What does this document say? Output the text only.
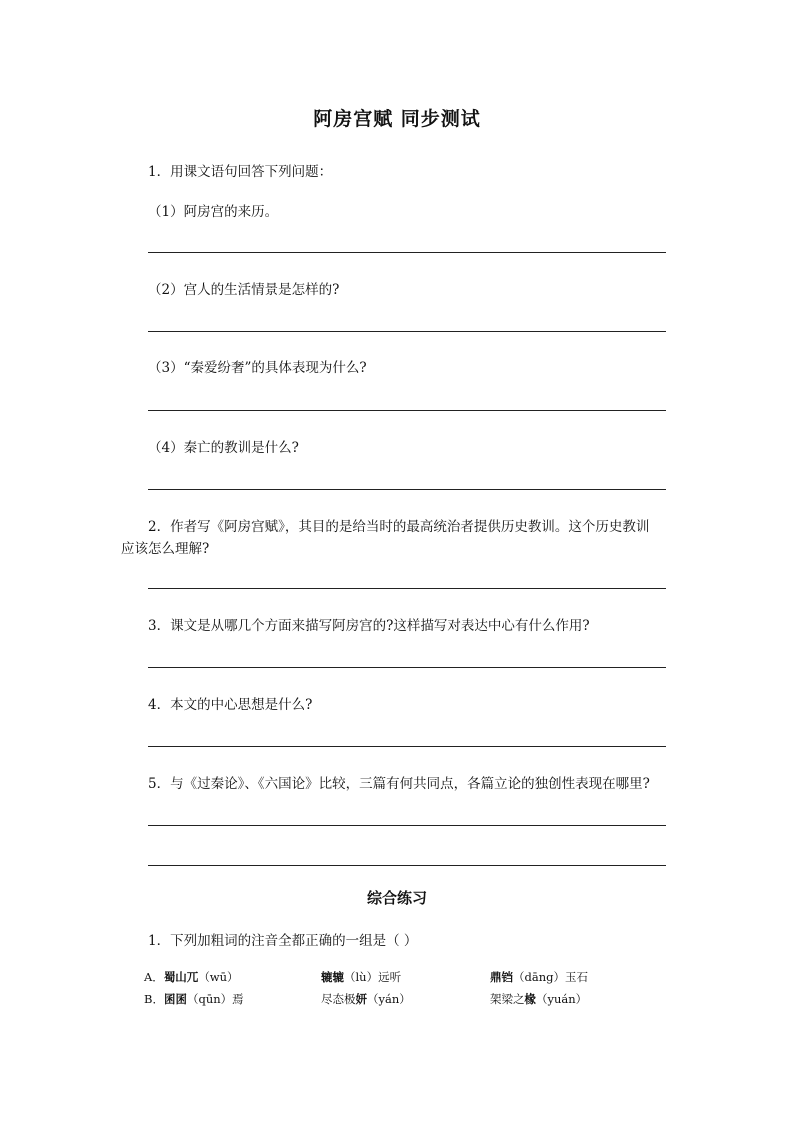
阿房宫赋 同步测试
1．用课文语句回答下列问题：
（1）阿房宫的来历。
（2）宫人的生活情景是怎样的?
（3）“秦爱纷奢”的具体表现为什么?
（4）秦亡的教训是什么?
2．作者写《阿房宫赋》，其目的是给当时的最高统治者提供历史教训。这个历史教训
应该怎么理解?
3．课文是从哪几个方面来描写阿房宫的?这样描写对表达中心有什么作用?
4．本文的中心思想是什么?
5．与《过秦论》、《六国论》比较，三篇有何共同点，各篇立论的独创性表现在哪里?
综合练习
1．下列加粗词的注音全都正确的一组是（ ）
A．蜀山兀（wū）	辘辘（lù）远听	鼎铛（dāng）玉石
B．囷囷（qūn）焉	尽态极妍（yán）	架梁之椽（yuán）
